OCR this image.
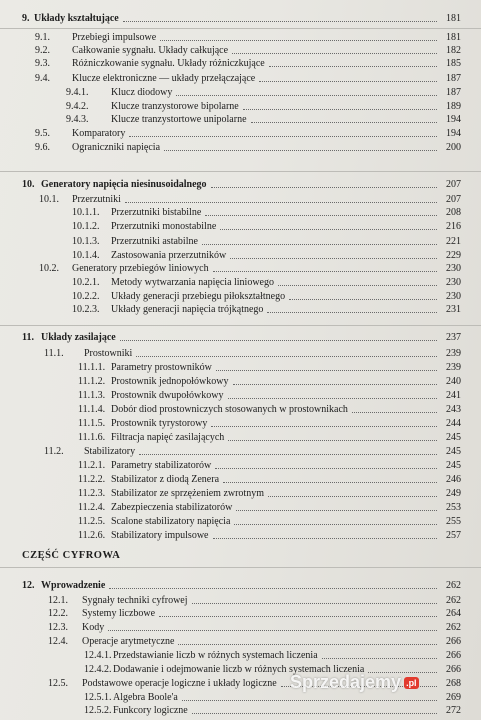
9. Układy kształtujące	181
9.1. Przebiegi impulsowe	181
9.2. Całkowanie sygnału. Układy całkujące	182
9.3. Różniczkowanie sygnału. Układy różniczkujące	185
9.4. Klucze elektroniczne — układy przełączające	187
9.4.1. Klucz diodowy	187
9.4.2. Klucze tranzystorowe bipolarne	189
9.4.3. Klucze tranzystortowe unipolarne	194
9.5. Komparatory	194
9.6. Ograniczniki napięcia	200
10. Generatory napięcia niesinusoidalnego	207
10.1. Przerzutniki	207
10.1.1. Przerzutniki bistabilne	208
10.1.2. Przerzutniki monostabilne	216
10.1.3. Przerzutniki astabilne	221
10.1.4. Zastosowania przerzutników	229
10.2. Generatory przebiegów liniowych	230
10.2.1. Metody wytwarzania napięcia liniowego	230
10.2.2. Układy generacji przebiegu piłokształtnego	230
10.2.3. Układy generacji napięcia trójkątnego	231
11. Układy zasilające	237
11.1. Prostowniki	239
11.1.1. Parametry prostowników	239
11.1.2. Prostownik jednopołówkowy	240
11.1.3. Prostownik dwupołówkowy	241
11.1.4. Dobór diod prostowniczych stosowanych w prostownikach	243
11.1.5. Prostownik tyrystorowy	244
11.1.6. Filtracja napięć zasilających	245
11.2. Stabilizatory	245
11.2.1. Parametry stabilizatorów	245
11.2.2. Stabilizator z diodą Zenera	246
11.2.3. Stabilizator ze sprzężeniem zwrotnym	249
11.2.4. Zabezpieczenia stabilizatorów	253
11.2.5. Scalone stabilizatory napięcia	255
11.2.6. Stabilizatory impulsowe	257
12. Wprowadzenie	262
12.1. Sygnały techniki cyfrowej	262
12.2. Systemy liczbowe	264
12.3. Kody	262
12.4. Operacje arytmetyczne	266
12.4.1. Przedstawianie liczb w różnych systemach liczenia	266
12.4.2. Dodawanie i odejmowanie liczb w różnych systemach liczenia	266
12.5. Podstawowe operacje logiczne i układy logiczne	268
12.5.1. Algebra Boole'a	269
12.5.2. Funkcory logiczne	272
CZĘŚĆ CYFROWA
Sprzedajemy .pl
